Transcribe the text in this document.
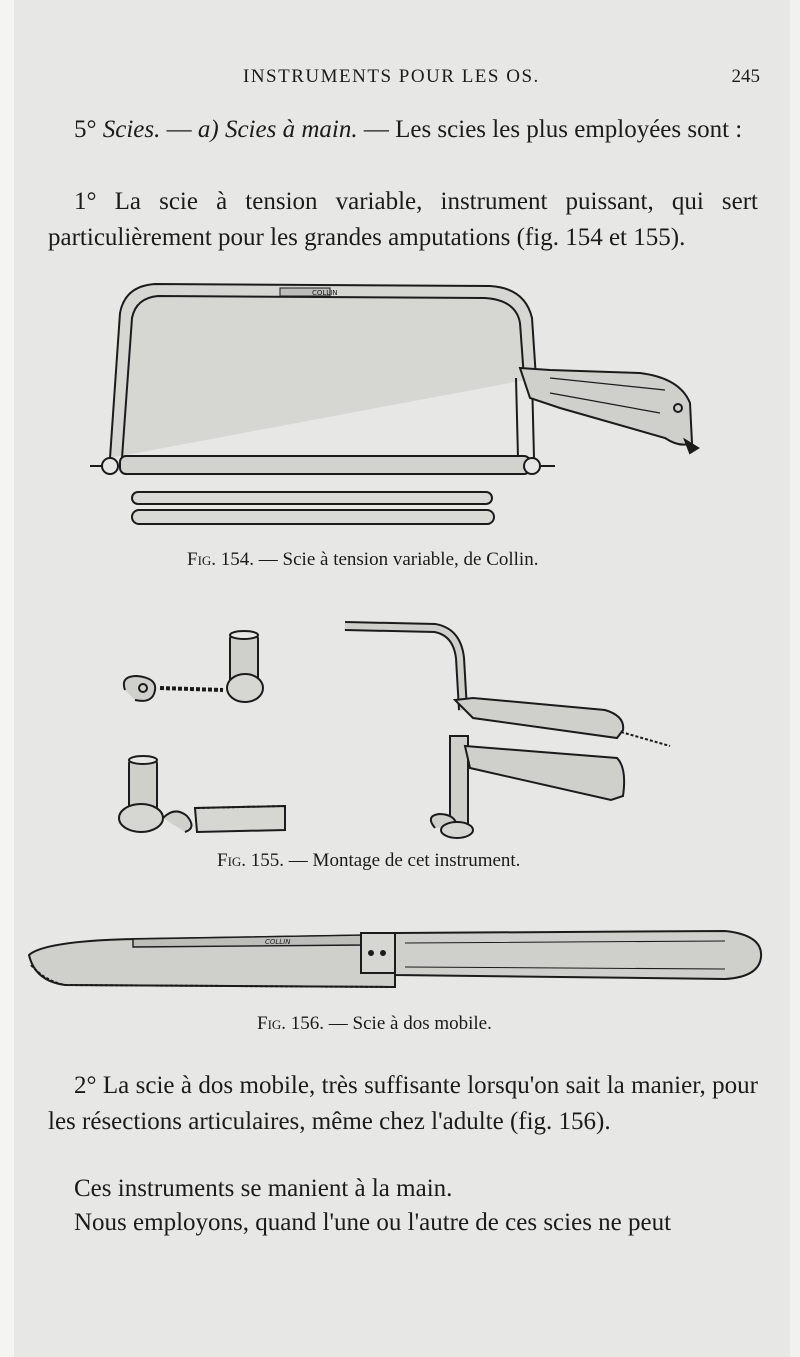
INSTRUMENTS POUR LES OS.	245
5° Scies. — a) Scies à main. — Les scies les plus employées sont :
1° La scie à tension variable, instrument puissant, qui sert particulièrement pour les grandes amputations (fig. 154 et 155).
COLLIN
Fig. 154. — Scie à tension variable, de Collin.
Fig. 155. — Montage de cet instrument.
COLLIN
Fig. 156. — Scie à dos mobile.
2° La scie à dos mobile, très suffisante lorsqu'on sait la manier, pour les résections articulaires, même chez l'adulte (fig. 156).
Ces instruments se manient à la main.
Nous employons, quand l'une ou l'autre de ces scies ne peut
